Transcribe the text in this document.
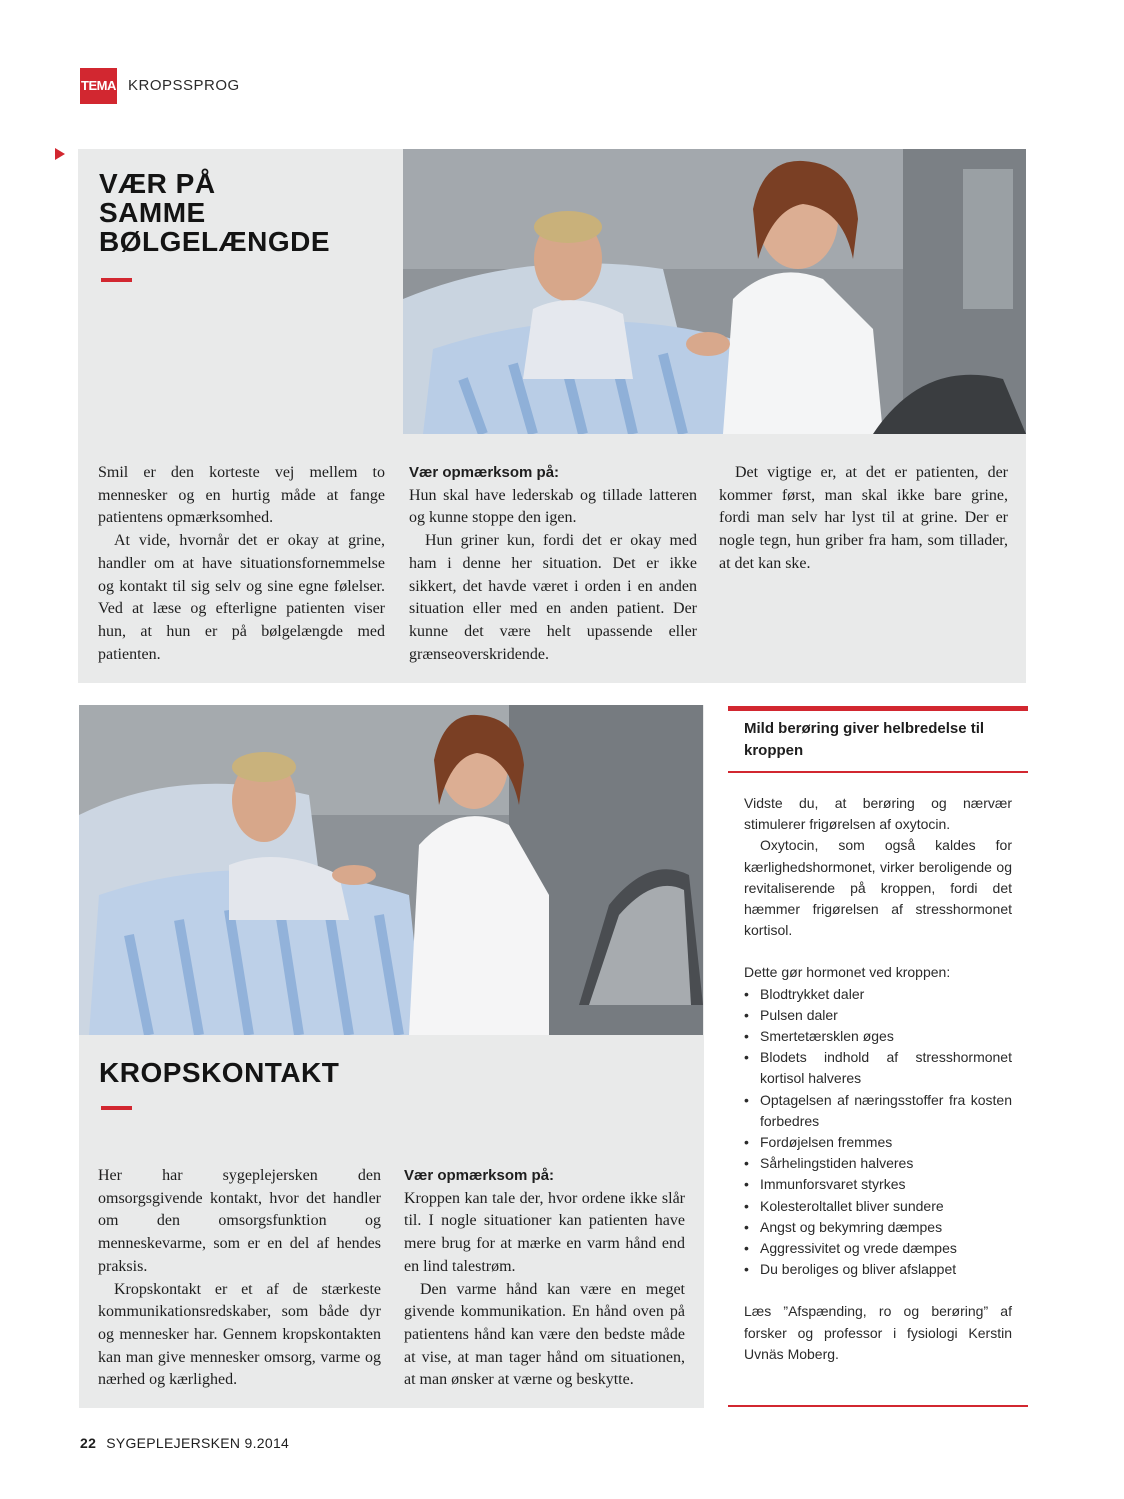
TEMA KROPSSPROG
VÆR PÅ
SAMME
BØLGELÆNGDE

Smil er den korteste vej mellem to mennesker og en hurtig måde at fange patientens opmærksomhed.

At vide, hvornår det er okay at grine, handler om at have situationsfornemmelse og kontakt til sig selv og sine egne følelser. Ved at læse og efterligne patienten viser hun, at hun er på bølgelængde med patienten.

Vær opmærksom på:

Hun skal have lederskab og tillade latteren og kunne stoppe den igen.

Hun griner kun, fordi det er okay med ham i denne her situation. Det er ikke sikkert, det havde været i orden i en anden situation eller med en anden patient. Der kunne det være helt upassende eller grænseoverskridende.

Det vigtige er, at det er patienten, der kommer først, man skal ikke bare grine, fordi man selv har lyst til at grine. Der er nogle tegn, hun griber fra ham, som tillader, at det kan ske.

KROPSKONTAKT

Her har sygeplejersken den omsorgsgivende kontakt, hvor det handler om den omsorgsfunktion og menneskevarme, som er en del af hendes praksis.

Kropskontakt er et af de stærkeste kommunikationsredskaber, som både dyr og mennesker har. Gennem kropskontakten kan man give mennesker omsorg, varme og nærhed og kærlighed.

Vær opmærksom på:

Kroppen kan tale der, hvor ordene ikke slår til. I nogle situationer kan patienten have mere brug for at mærke en varm hånd end en lind talestrøm.

Den varme hånd kan være en meget givende kommunikation. En hånd oven på patientens hånd kan være den bedste måde at vise, at man tager hånd om situationen, at man ønsker at værne og beskytte.

Mild berøring giver helbredelse til kroppen

Vidste du, at berøring og nærvær stimulerer frigørelsen af oxytocin.

Oxytocin, som også kaldes for kærlighedshormonet, virker beroligende og revitaliserende på kroppen, fordi det hæmmer frigørelsen af stresshormonet kortisol.

Dette gør hormonet ved kroppen:

• Blodtrykket daler
• Pulsen daler
• Smertetærsklen øges
• Blodets indhold af stresshormonet kortisol halveres
• Optagelsen af næringsstoffer fra kosten forbedres
• Fordøjelsen fremmes
• Sårhelingstiden halveres
• Immunforsvaret styrkes
• Kolesteroltallet bliver sundere
• Angst og bekymring dæmpes
• Aggressivitet og vrede dæmpes
• Du beroliges og bliver afslappet

Læs ”Afspænding, ro og berøring” af forsker og professor i fysiologi Kerstin Uvnäs Moberg.

22 SYGEPLEJERSKEN 9.2014
